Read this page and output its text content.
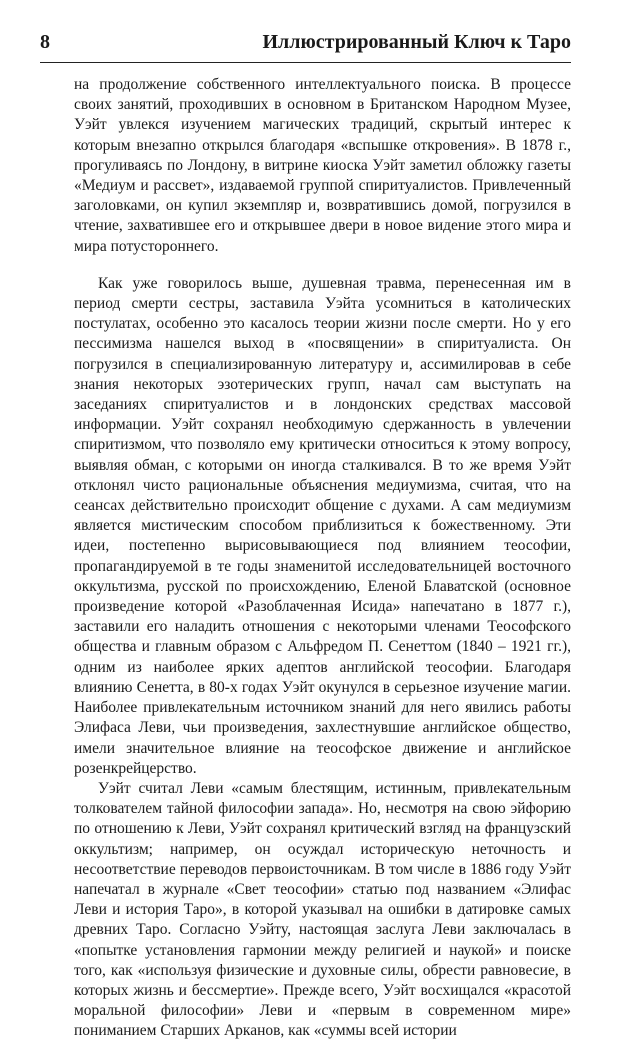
8	Иллюстрированный Ключ к Таро

на продолжение собственного интеллектуального поиска. В процессе своих занятий, проходивших в основном в Британском Народном Музее, Уэйт увлекся изучением магических традиций, скрытый интерес к которым внезапно открылся благодаря «вспышке откровения». В 1878 г., прогуливаясь по Лондону, в витрине киоска Уэйт заметил обложку газеты «Медиум и рассвет», издаваемой группой спиритуалистов. Привлеченный заголовками, он купил экземпляр и, возвратившись домой, погрузился в чтение, захватившее его и открывшее двери в новое видение этого мира и мира потустороннего.

Как уже говорилось выше, душевная травма, перенесенная им в период смерти сестры, заставила Уэйта усомниться в католических постулатах, особенно это касалось теории жизни после смерти. Но у его пессимизма нашелся выход в «посвящении» в спиритуалиста. Он погрузился в специализированную литературу и, ассимилировав в себе знания некоторых эзотерических групп, начал сам выступать на заседаниях спиритуалистов и в лондонских средствах массовой информации. Уэйт сохранял необходимую сдержанность в увлечении спиритизмом, что позволяло ему критически относиться к этому вопросу, выявляя обман, с которыми он иногда сталкивался. В то же время Уэйт отклонял чисто рациональные объяснения медиумизма, считая, что на сеансах действительно происходит общение с духами. А сам медиумизм является мистическим способом приблизиться к божественному. Эти идеи, постепенно вырисовывающиеся под влиянием теософии, пропагандируемой в те годы знаменитой исследовательницей восточного оккультизма, русской по происхождению, Еленой Блаватской (основное произведение которой «Разоблаченная Исида» напечатано в 1877 г.), заставили его наладить отношения с некоторыми членами Теософского общества и главным образом с Альфредом П. Сенеттом (1840 – 1921 гг.), одним из наиболее ярких адептов английской теософии. Благодаря влиянию Сенетта, в 80-х годах Уэйт окунулся в серьезное изучение магии. Наиболее привлекательным источником знаний для него явились работы Элифаса Леви, чьи произведения, захлестнувшие английское общество, имели значительное влияние на теософское движение и английское розенкрейцерство.

Уэйт считал Леви «самым блестящим, истинным, привлекательным толкователем тайной философии запада». Но, несмотря на свою эйфорию по отношению к Леви, Уэйт сохранял критический взгляд на французский оккультизм; например, он осуждал историческую неточность и несоответствие переводов первоисточникам. В том числе в 1886 году Уэйт напечатал в журнале «Свет теософии» статью под названием «Элифас Леви и история Таро», в которой указывал на ошибки в датировке самых древних Таро. Согласно Уэйту, настоящая заслуга Леви заключалась в «попытке установления гармонии между религией и наукой» и поиске того, как «используя физические и духовные силы, обрести равновесие, в которых жизнь и бессмертие». Прежде всего, Уэйт восхищался «красотой моральной философии» Леви и «первым в современном мире» пониманием Старших Арканов, как «суммы всей истории
